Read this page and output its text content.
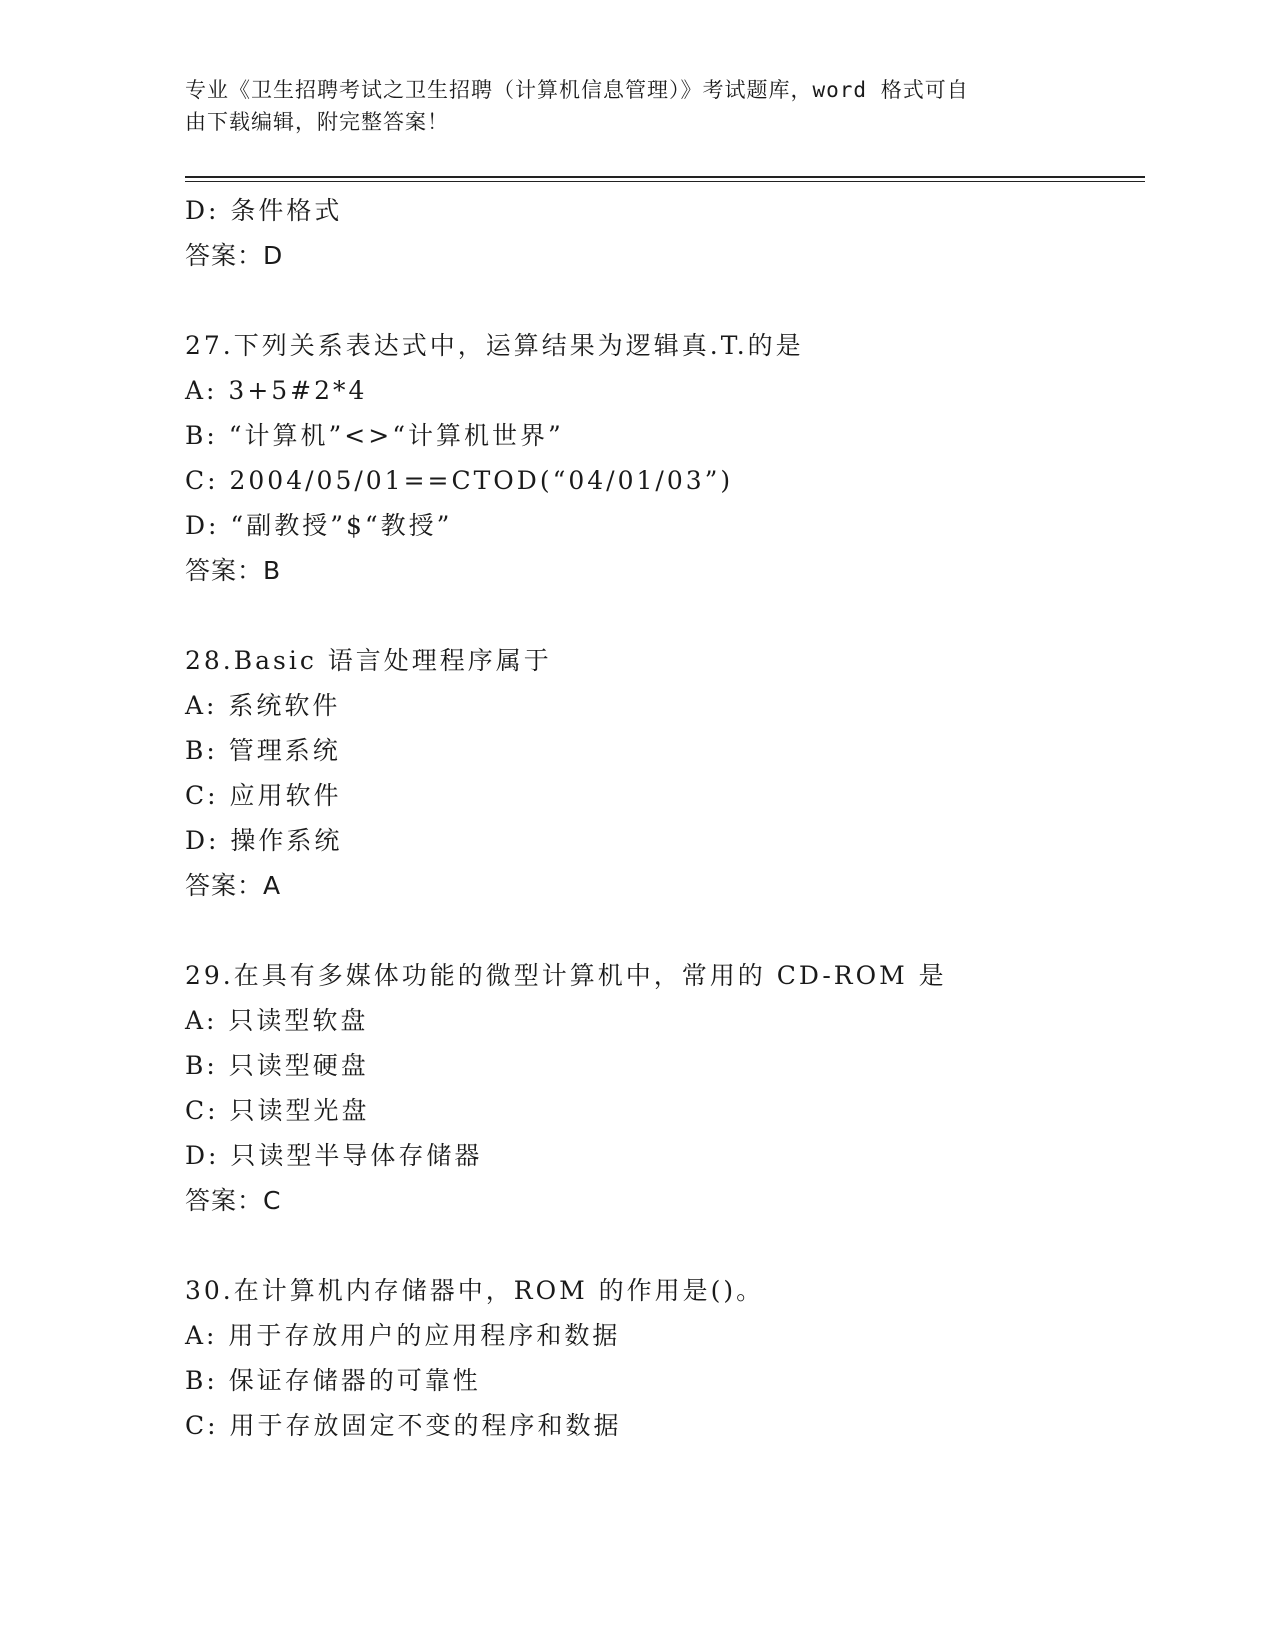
专业《卫生招聘考试之卫生招聘（计算机信息管理）》考试题库，word 格式可自
由下载编辑，附完整答案！
D: 条件格式
答案：D
27.下列关系表达式中，运算结果为逻辑真.T.的是
A: 3+5#2*4
B: “计算机”<>“计算机世界”
C: 2004/05/01==CTOD(“04/01/03”)
D: “副教授”$“教授”
答案：B
28.Basic 语言处理程序属于
A: 系统软件
B: 管理系统
C: 应用软件
D: 操作系统
答案：A
29.在具有多媒体功能的微型计算机中，常用的 CD-ROM 是
A: 只读型软盘
B: 只读型硬盘
C: 只读型光盘
D: 只读型半导体存储器
答案：C
30.在计算机内存储器中，ROM 的作用是()。
A: 用于存放用户的应用程序和数据
B: 保证存储器的可靠性
C: 用于存放固定不变的程序和数据
